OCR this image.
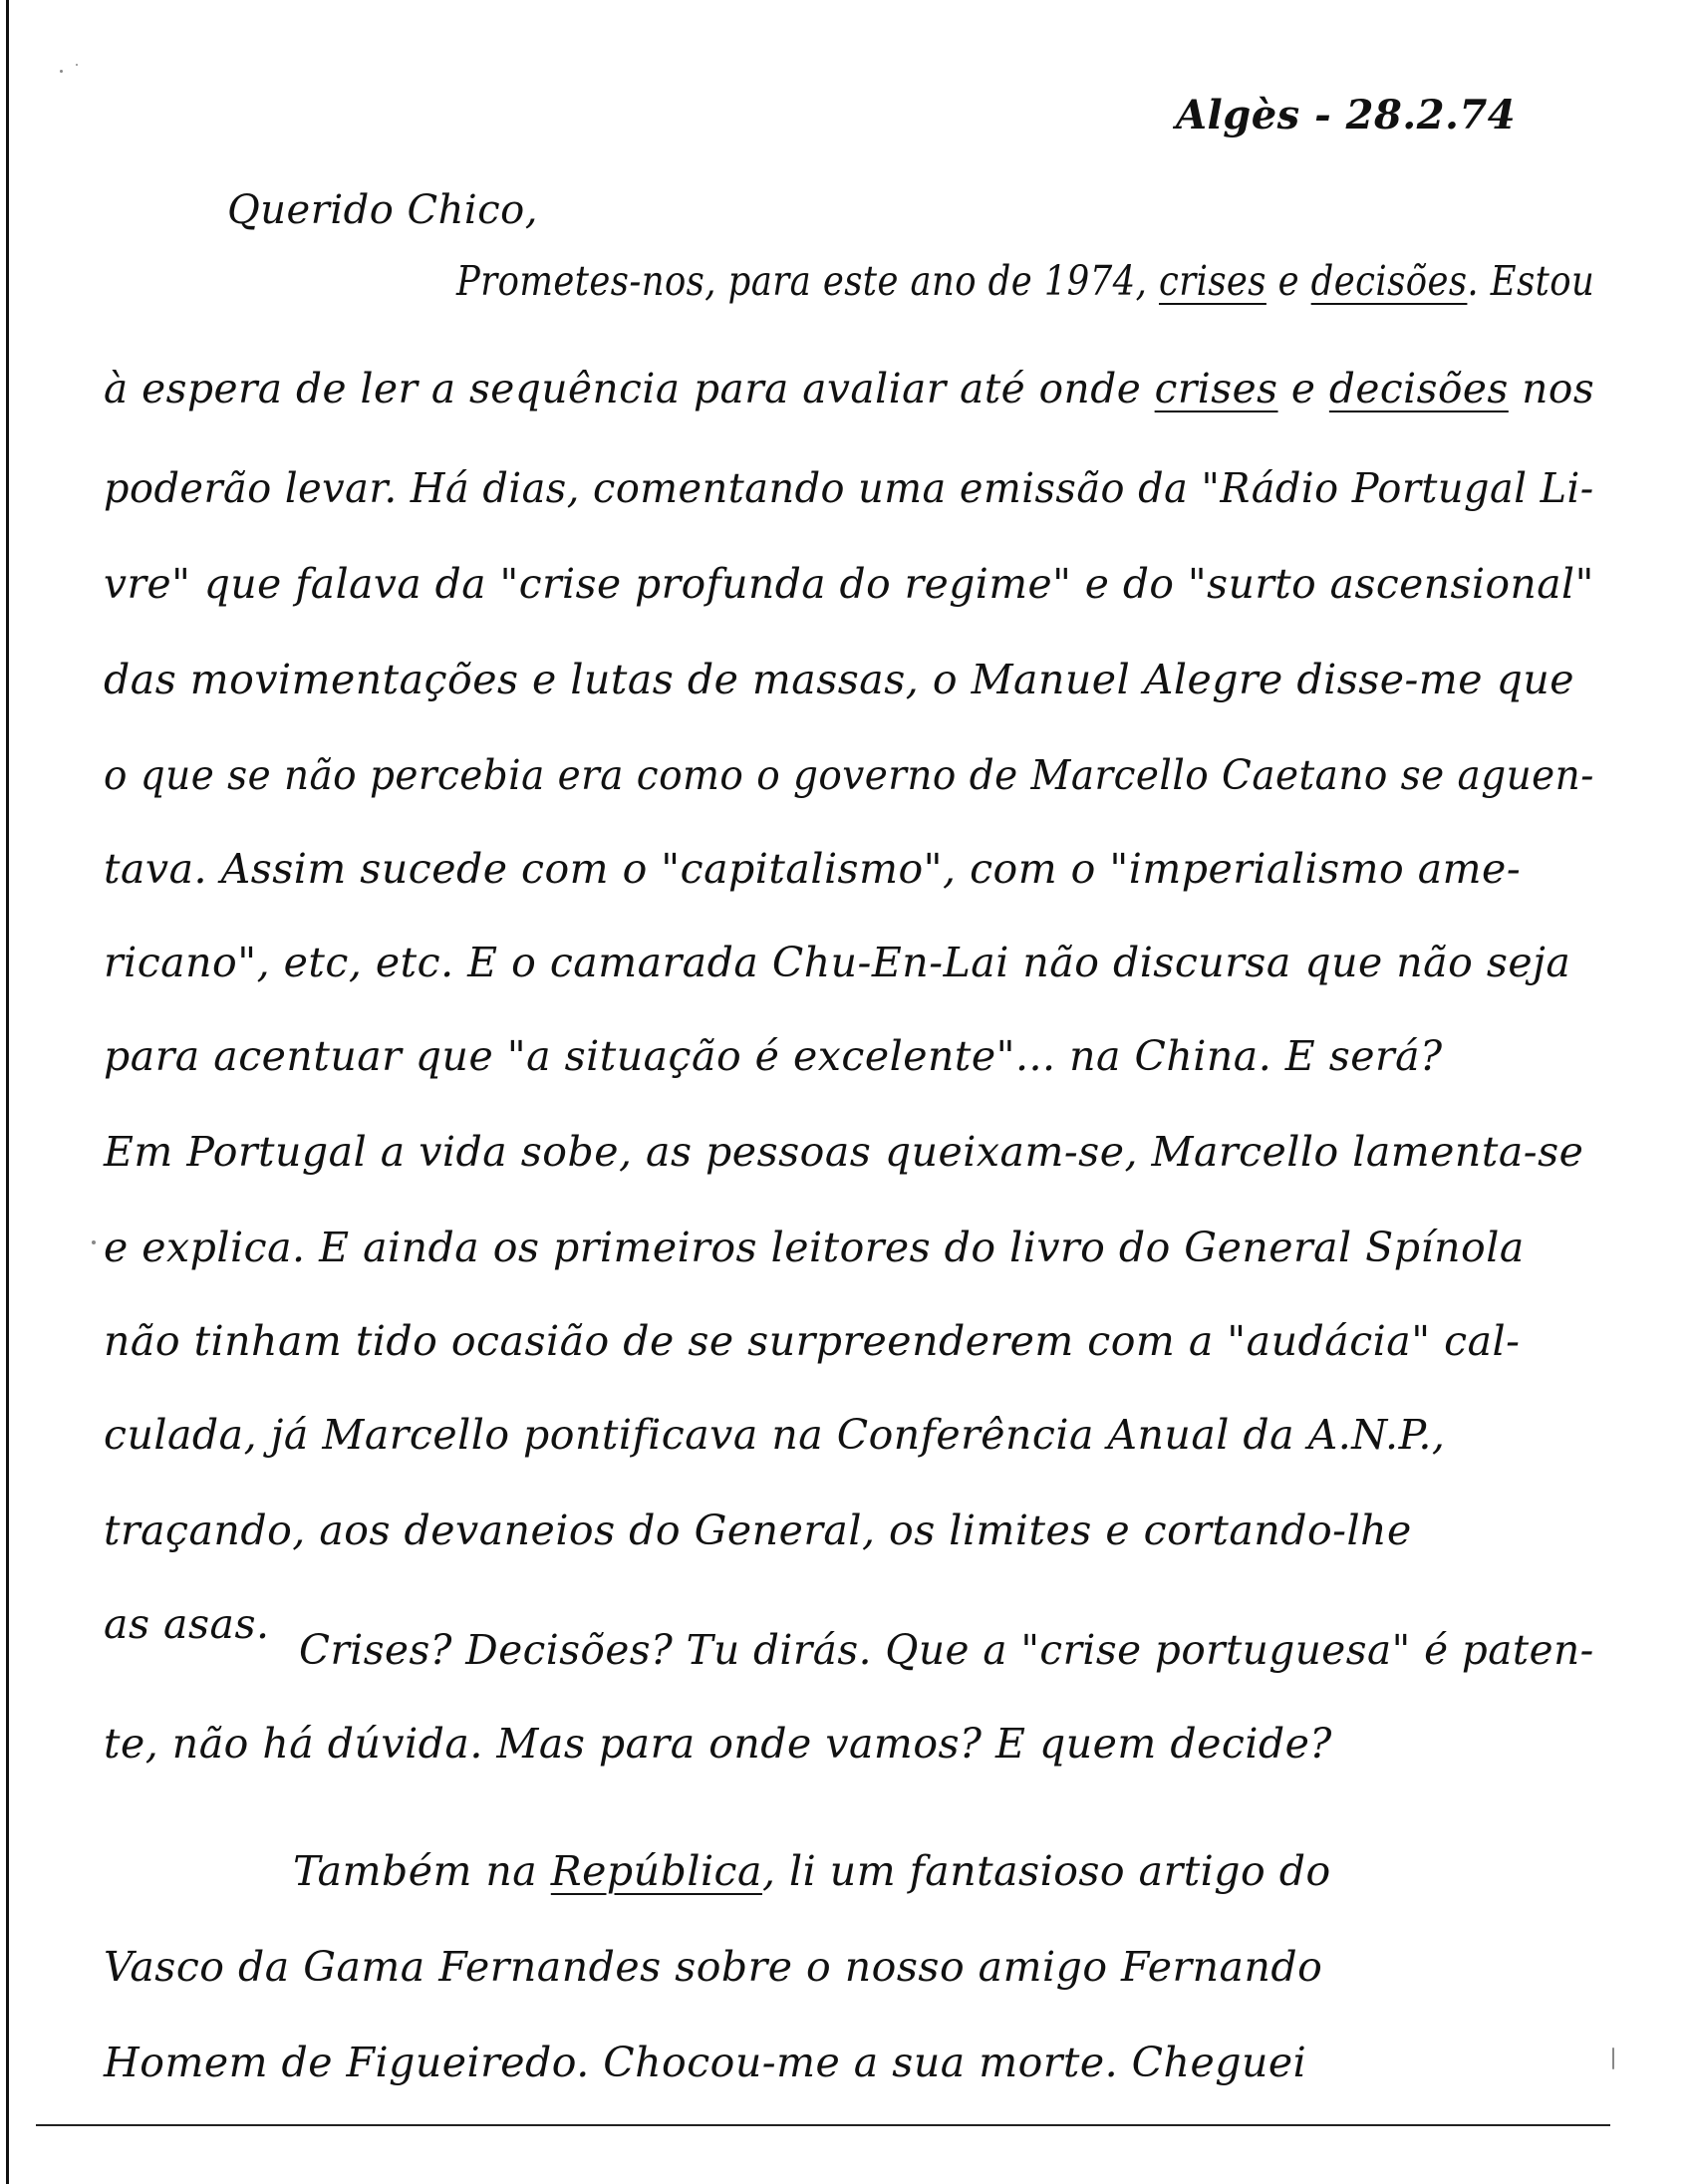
Algès - 28.2.74
Querido Chico,
Prometes-nos, para este ano de 1974, crises e decisões. Estou
à espera de ler a sequência para avaliar até onde crises e decisões nos
poderão levar. Há dias, comentando uma emissão da "Rádio Portugal Li-
vre" que falava da "crise profunda do regime" e do "surto ascensional"
das movimentações e lutas de massas, o Manuel Alegre disse-me que
o que se não percebia era como o governo de Marcello Caetano se aguen-
tava. Assim sucede com o "capitalismo", com o "imperialismo ame-
ricano", etc, etc. E o camarada Chu-En-Lai não discursa que não seja
para acentuar que "a situação é excelente"... na China. E será?
Em Portugal a vida sobe, as pessoas queixam-se, Marcello lamenta-se
e explica. E ainda os primeiros leitores do livro do General Spínola
não tinham tido ocasião de se surpreenderem com a "audácia" cal-
culada, já Marcello pontificava na Conferência Anual da A.N.P.,
traçando, aos devaneios do General, os limites e cortando-lhe
as asas.
Crises? Decisões? Tu dirás. Que a "crise portuguesa" é paten-
te, não há dúvida. Mas para onde vamos? E quem decide?
Também na República, li um fantasioso artigo do
Vasco da Gama Fernandes sobre o nosso amigo Fernando
Homem de Figueiredo. Chocou-me a sua morte. Cheguei
